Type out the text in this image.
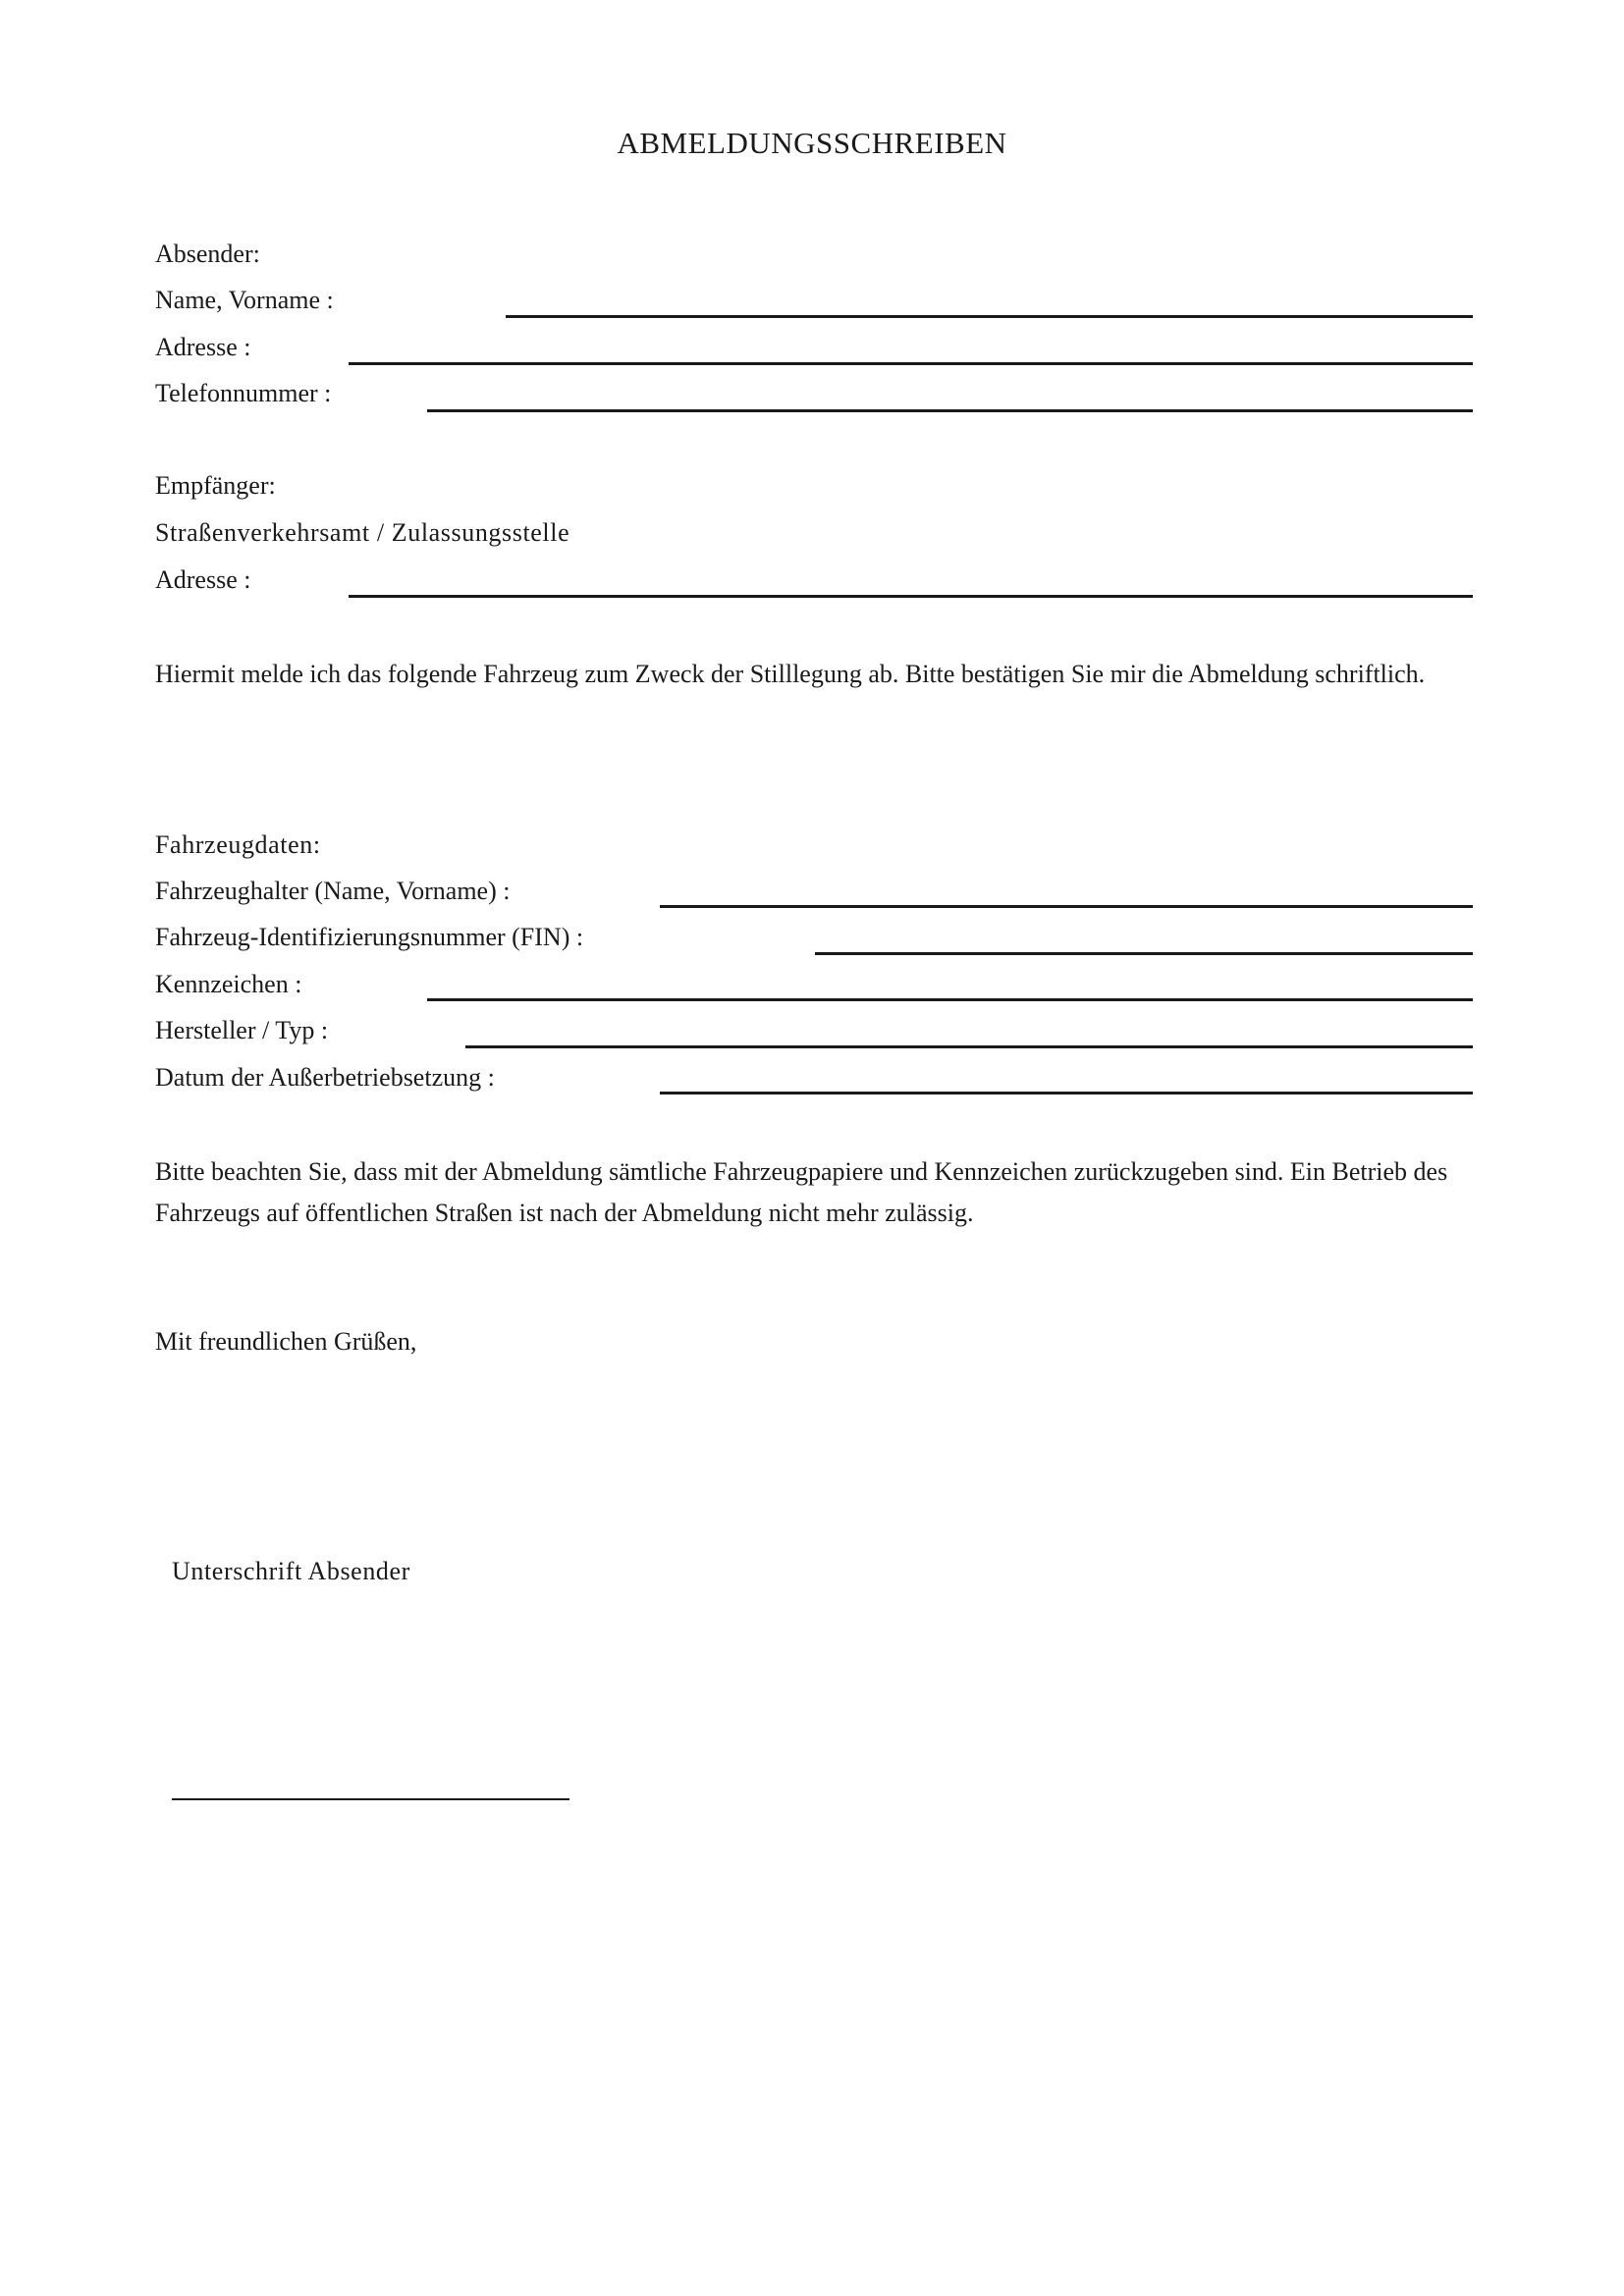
ABMELDUNGSSCHREIBEN
Absender:
Name, Vorname :
Adresse :
Telefonnummer :
Empfänger:
Straßenverkehrsamt / Zulassungsstelle
Adresse :
Hiermit melde ich das folgende Fahrzeug zum Zweck der Stilllegung ab. Bitte bestätigen Sie mir die Abmeldung schriftlich.
Fahrzeugdaten:
Fahrzeughalter (Name, Vorname) :
Fahrzeug-Identifizierungsnummer (FIN) :
Kennzeichen :
Hersteller / Typ :
Datum der Außerbetriebsetzung :
Bitte beachten Sie, dass mit der Abmeldung sämtliche Fahrzeugpapiere und Kennzeichen zurückzugeben sind. Ein Betrieb des Fahrzeugs auf öffentlichen Straßen ist nach der Abmeldung nicht mehr zulässig.
Mit freundlichen Grüßen,
Unterschrift Absender
